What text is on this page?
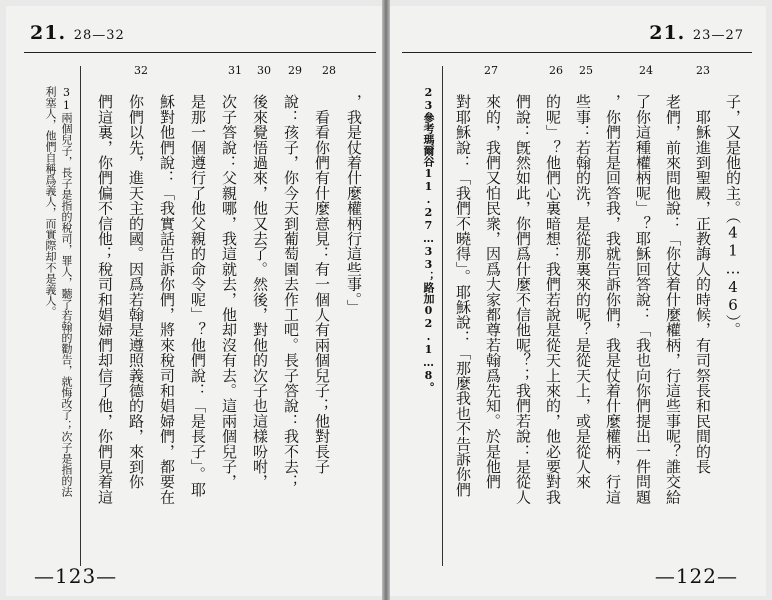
21. 28—32
28
29
30
31
32
，我是仗着什麼權柄行這些事。」
　看看你們有什麼意見：有一個人有兩個兒子；他對長子
說：孩子，你今天到葡萄園去作工吧。長子答說：我不去；
後來覺悟過來，他又去了。然後，對他的次子也這樣吩咐，
次子答說：父親哪，我這就去，他却沒有去。這兩個兒子，
是那一個遵行了他父親的命令呢」？他們說：「是長子」。耶
穌對他們說：「我實話告訴你們，將來稅司和娼婦們，都要在
你們以先，進天主的國。因爲若翰是遵照義德的路，來到你
們這裏，你們偏不信他；稅司和娼婦們却信了他，你們見着這
31兩個兒子，長子是指的稅司，罪人，聽了若翰的勸告，就悔改了；次子是指的法
利塞人，他們自稱爲義人，而實際却不是義人。
—123—
21. 23—27
23
24
25
26
27
子，又是他的主。（41…46）。
　耶穌進到聖殿，正教誨人的時候，有司祭長和民間的長
老們，前來問他說：「你仗着什麼權柄，行這些事呢？誰交給
了你這種權柄呢」？耶穌回答說：「我也向你們提出一件問題
，你們若是回答我，我就告訴你們，我是仗着什麼權柄，行這
些事：若翰的洗，是從那裏來的呢？是從天上，或是從人來
的呢」？他們心裏暗想：我們若說是從天上來的，他必要對我
們說：旣然如此，你們爲什麼不信他呢？；我們若說：是從人
來的，我們又怕民衆，因爲大家都尊若翰爲先知。於是他們
對耶穌說：「我們不曉得」。耶穌說：「那麼我也不告訴你們
23參考瑪爾谷11.27…33；路加02.1…8。
—122—
